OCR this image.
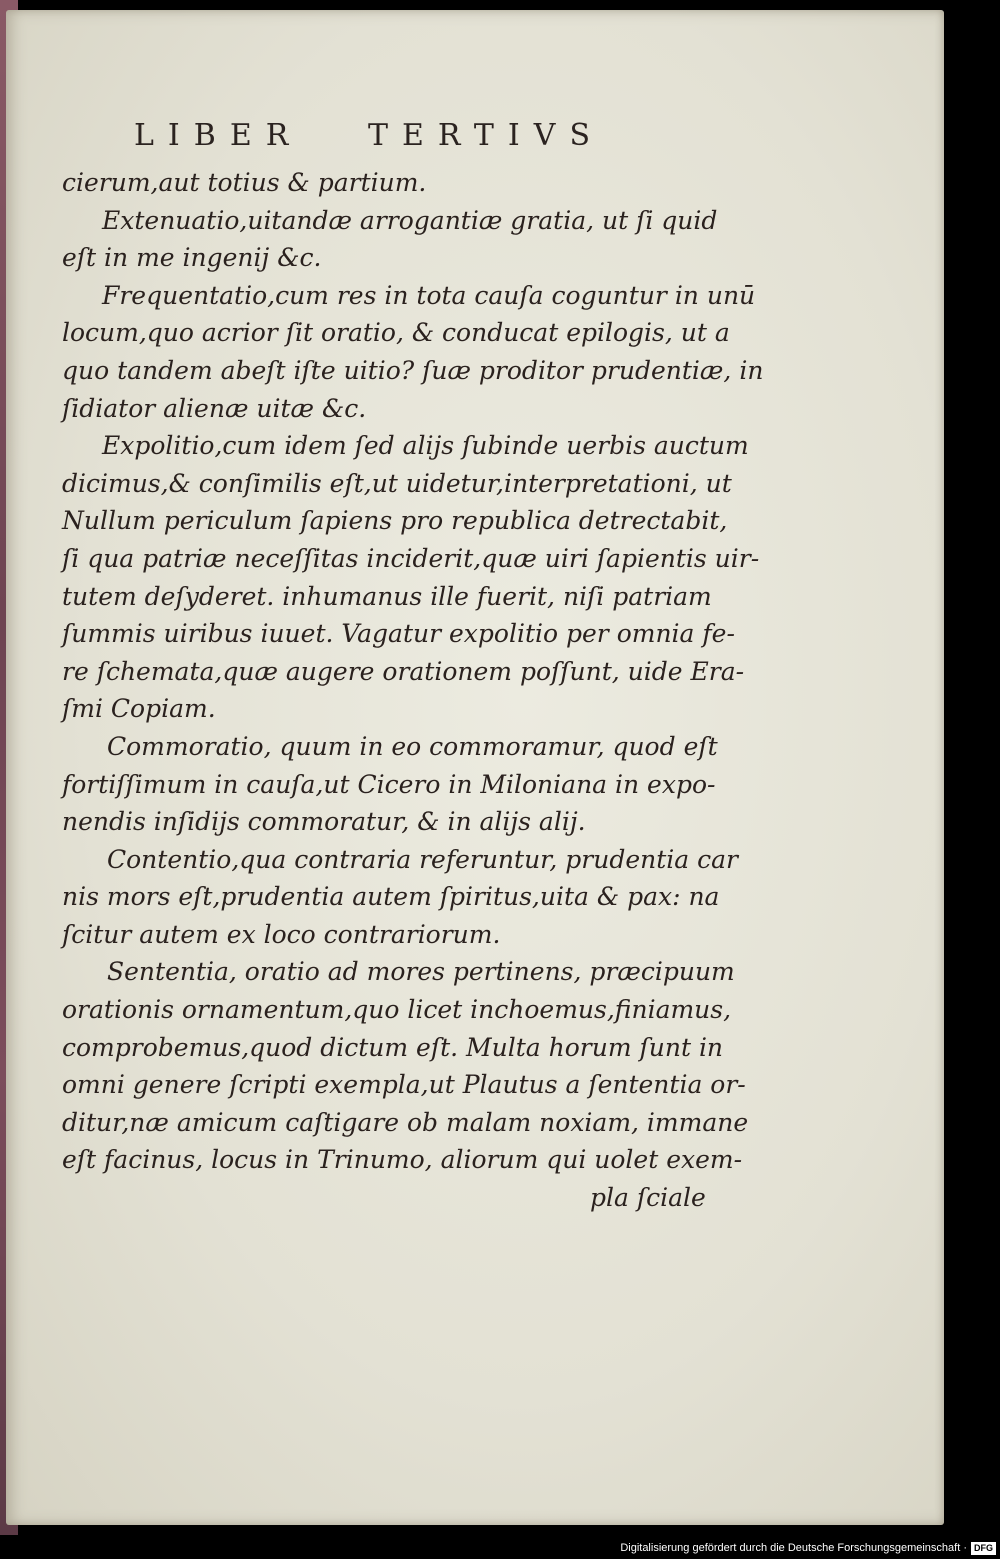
LIBER TERTIVS
cierum,aut totius & partium.
Extenuatio,uitandæ arrogantiæ gratia, ut ſi quid
eſt in me ingenij &c.
Frequentatio,cum res in tota cauſa coguntur in unū
locum,quo acrior ſit oratio, & conducat epilogis, ut a
quo tandem abeſt iſte uitio? ſuæ proditor prudentiæ, in
ſidiator alienæ uitæ &c.
Expolitio,cum idem ſed alijs ſubinde uerbis auctum
dicimus,& conſimilis eſt,ut uidetur,interpretationi, ut
Nullum periculum ſapiens pro republica detrectabit,
ſi qua patriæ neceſſitas inciderit,quæ uiri ſapientis uir-
tutem deſyderet. inhumanus ille fuerit, niſi patriam
ſummis uiribus iuuet. Vagatur expolitio per omnia fe-
re ſchemata,quæ augere orationem poſſunt, uide Era-
ſmi Copiam.
Commoratio, quum in eo commoramur, quod eſt
fortiſſimum in cauſa,ut Cicero in Miloniana in expo-
nendis inſidijs commoratur, & in alijs alij.
Contentio,qua contraria referuntur, prudentia car
nis mors eſt,prudentia autem ſpiritus,uita & pax: na
ſcitur autem ex loco contrariorum.
Sententia, oratio ad mores pertinens, præcipuum
orationis ornamentum,quo licet inchoemus,finiamus,
comprobemus,quod dictum eſt. Multa horum ſunt in
omni genere ſcripti exempla,ut Plautus a ſententia or-
ditur,næ amicum caſtigare ob malam noxiam, immane
eſt facinus, locus in Trinumo, aliorum qui uolet exem-
pla ſciale
Digitalisierung gefördert durch die Deutsche Forschungsgemeinschaft · DFG
